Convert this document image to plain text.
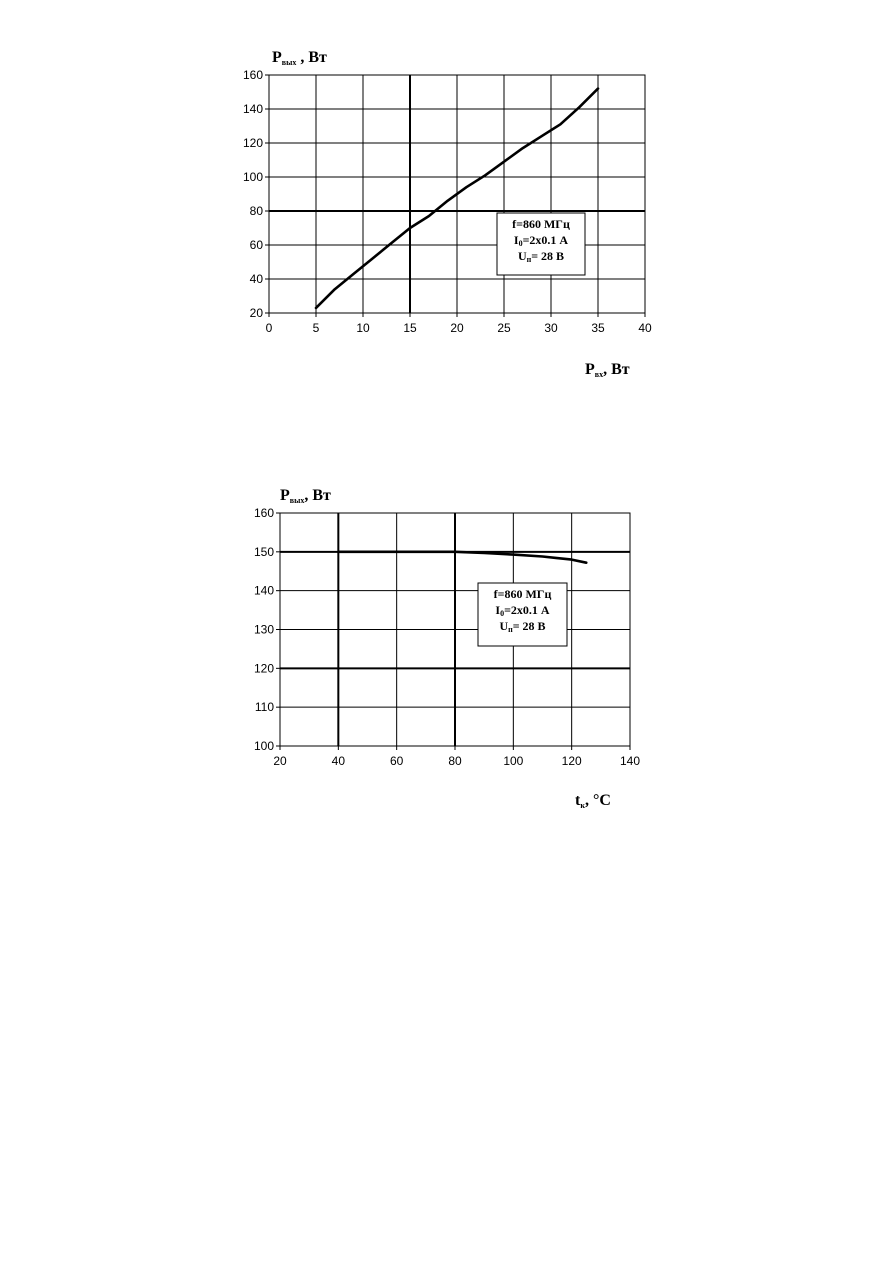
0	5	10	15	20	25	30	35	40
20
40
60
80
100
120
140
160
Pвых , Вт
Pвх, Вт
f=860 МГц
I0=2х0.1 А
Uп= 28 В
20	40	60	80	100	120	140
100
110
120
130
140
150
160
Pвых, Вт
tк, °С
f=860 МГц
I0=2х0.1 А
Uп= 28 В
